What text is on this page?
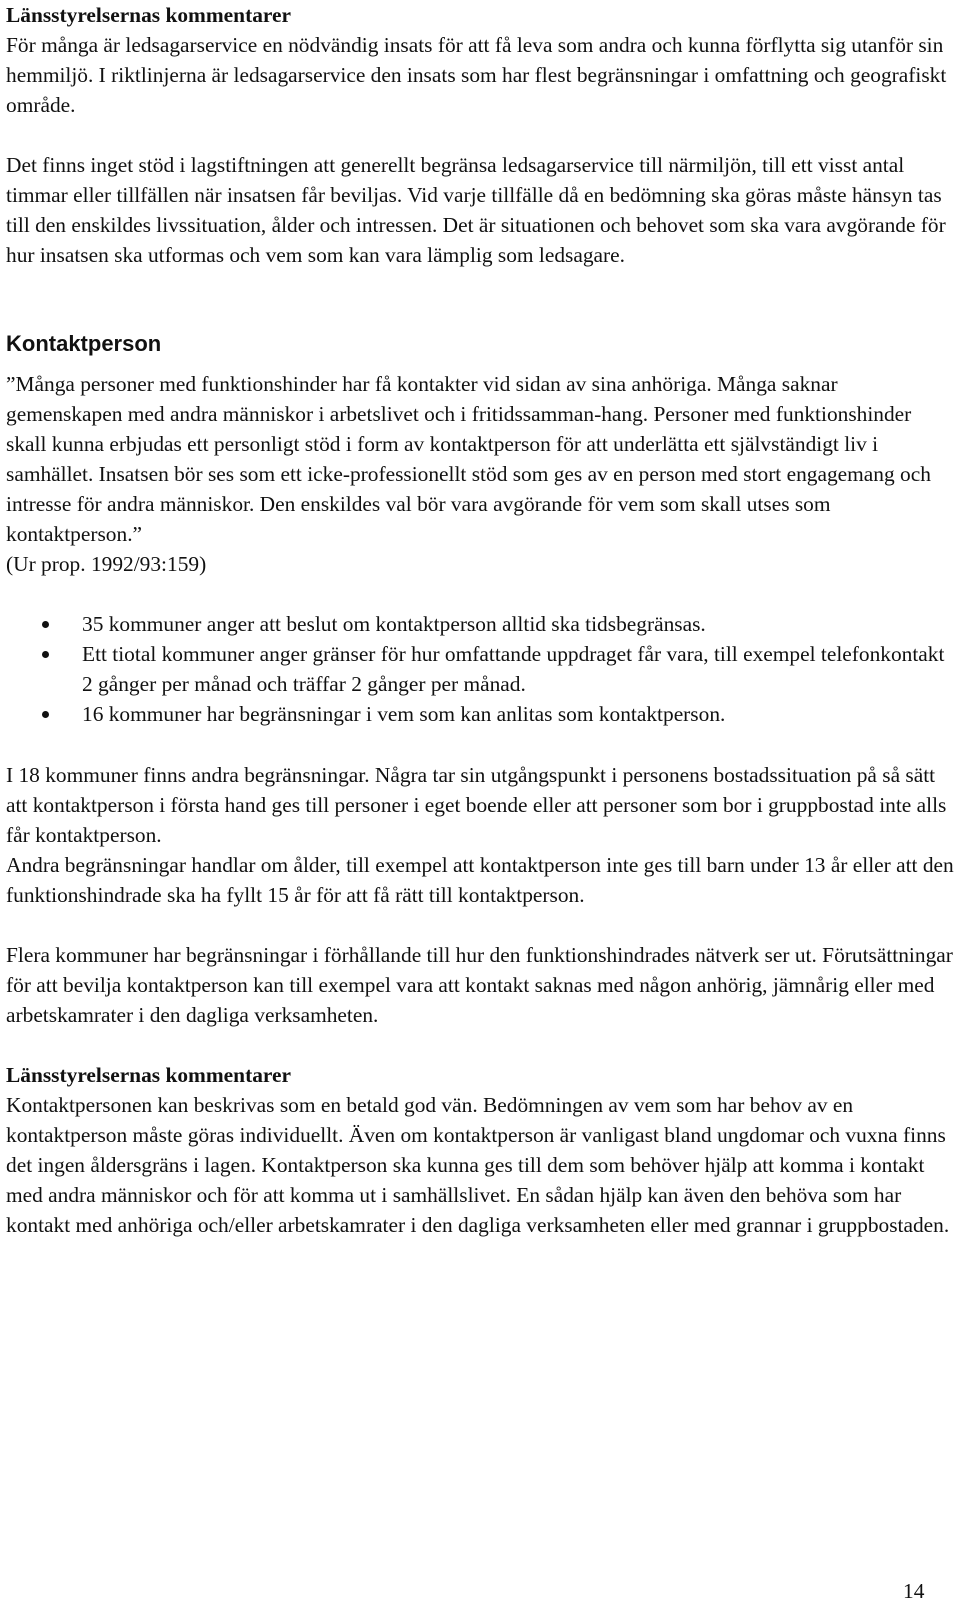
Länsstyrelsernas kommentarer

För många är ledsagarservice en nödvändig insats för att få leva som andra och kunna förflytta sig utanför sin hemmiljö. I riktlinjerna är ledsagarservice den insats som har flest begränsningar i omfattning och geografiskt område.

Det finns inget stöd i lagstiftningen att generellt begränsa ledsagarservice till närmiljön, till ett visst antal timmar eller tillfällen när insatsen får beviljas. Vid varje tillfälle då en bedömning ska göras måste hänsyn tas till den enskildes livssituation, ålder och intressen. Det är situationen och behovet som ska vara avgörande för hur insatsen ska utformas och vem som kan vara lämplig som ledsagare.

Kontaktperson

”Många personer med funktionshinder har få kontakter vid sidan av sina anhöriga. Många saknar gemenskapen med andra människor i arbetslivet och i fritidssamman-hang. Personer med funktionshinder skall kunna erbjudas ett personligt stöd i form av kontaktperson för att underlätta ett självständigt liv i samhället. Insatsen bör ses som ett icke-professionellt stöd som ges av en person med stort engagemang och intresse för andra människor. Den enskildes val bör vara avgörande för vem som skall utses som kontaktperson.”

(Ur prop. 1992/93:159)

35 kommuner anger att beslut om kontaktperson alltid ska tidsbegränsas.
Ett tiotal kommuner anger gränser för hur omfattande uppdraget får vara, till exempel telefonkontakt 2 gånger per månad och träffar 2 gånger per månad.
16 kommuner har begränsningar i vem som kan anlitas som kontaktperson.

I 18 kommuner finns andra begränsningar. Några tar sin utgångspunkt i personens bostadssituation på så sätt att kontaktperson i första hand ges till personer i eget boende eller att personer som bor i gruppbostad inte alls får kontaktperson.

Andra begränsningar handlar om ålder, till exempel att kontaktperson inte ges till barn under 13 år eller att den funktionshindrade ska ha fyllt 15 år för att få rätt till kontaktperson.

Flera kommuner har begränsningar i förhållande till hur den funktionshindrades nätverk ser ut. Förutsättningar för att bevilja kontaktperson kan till exempel vara att kontakt saknas med någon anhörig, jämnårig eller med arbetskamrater i den dagliga verksamheten.

Länsstyrelsernas kommentarer

Kontaktpersonen kan beskrivas som en betald god vän. Bedömningen av vem som har behov av en kontaktperson måste göras individuellt. Även om kontaktperson är vanligast bland ungdomar och vuxna finns det ingen åldersgräns i lagen. Kontaktperson ska kunna ges till dem som behöver hjälp att komma i kontakt med andra människor och för att komma ut i samhällslivet. En sådan hjälp kan även den behöva som har kontakt med anhöriga och/eller arbetskamrater i den dagliga verksamheten eller med grannar i gruppbostaden.

14
